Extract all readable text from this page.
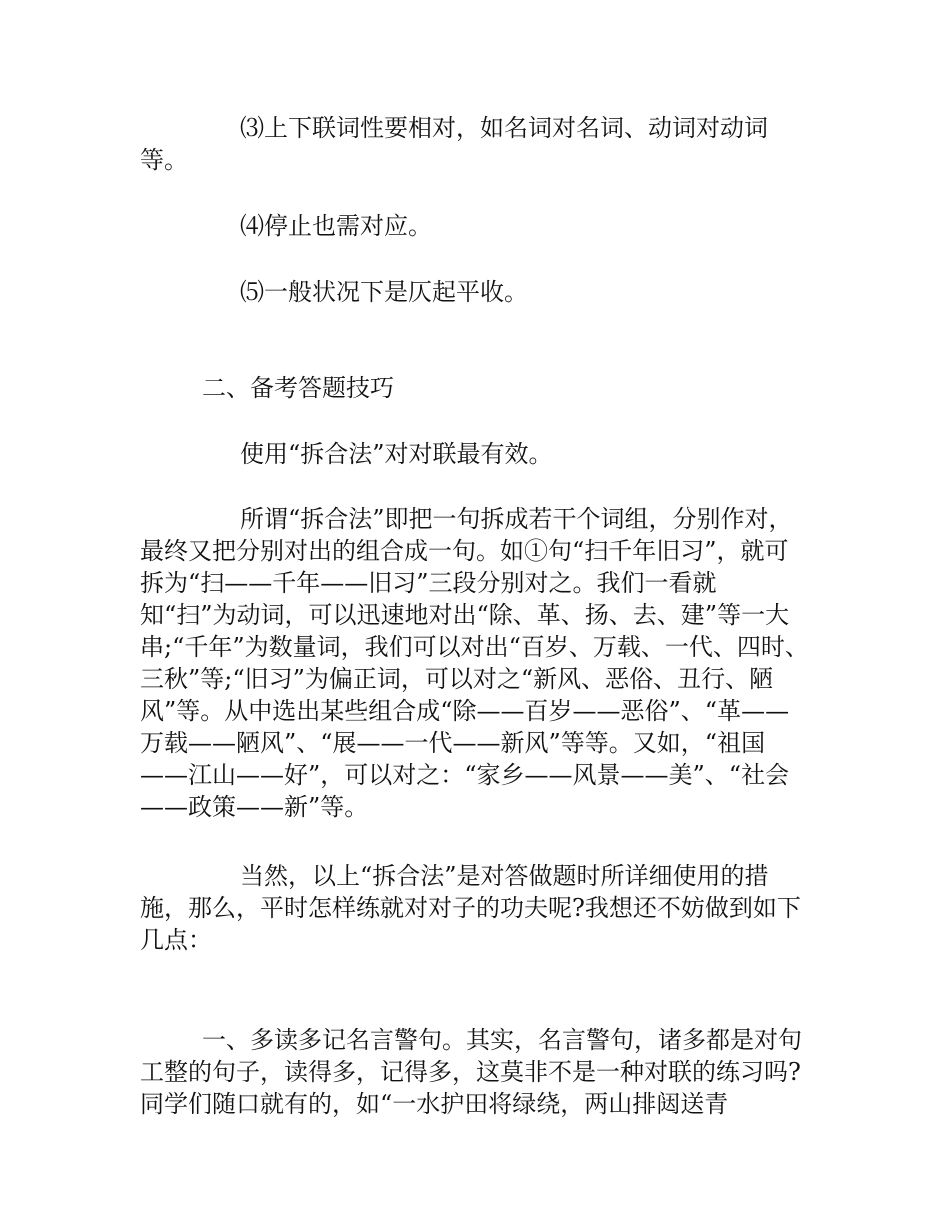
⑶上下联词性要相对，如名词对名词、动词对动词等。

⑷停止也需对应。

⑸一般状况下是仄起平收。

二、备考答题技巧

使用“拆合法”对对联最有效。

所谓“拆合法”即把一句拆成若干个词组，分别作对，最终又把分别对出的组合成一句。如①句“扫千年旧习”，就可拆为“扫——千年——旧习”三段分别对之。我们一看就知“扫”为动词，可以迅速地对出“除、革、扬、去、建”等一大串;“千年”为数量词，我们可以对出“百岁、万载、一代、四时、三秋”等;“旧习”为偏正词，可以对之“新风、恶俗、丑行、陋风”等。从中选出某些组合成“除——百岁——恶俗”、“革——万载——陋风”、“展——一代——新风”等等。又如，“祖国——江山——好”，可以对之：“家乡——风景——美”、“社会——政策——新”等。

当然，以上“拆合法”是对答做题时所详细使用的措施，那么，平时怎样练就对对子的功夫呢?我想还不妨做到如下几点：

一、多读多记名言警句。其实，名言警句，诸多都是对句工整的句子，读得多，记得多，这莫非不是一种对联的练习吗?同学们随口就有的，如“一水护田将绿绕，两山排闼送青
